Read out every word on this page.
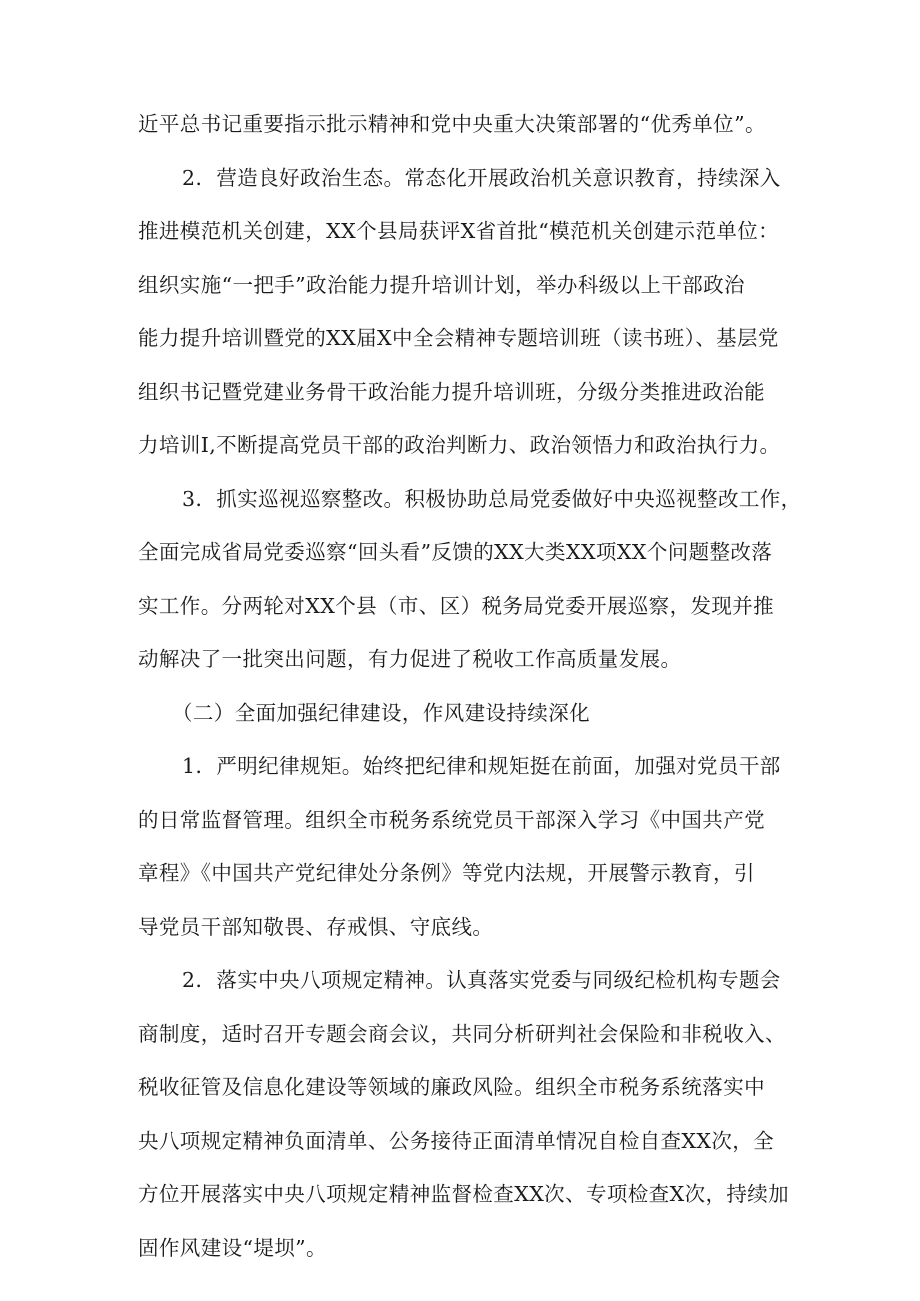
近平总书记重要指示批示精神和党中央重大决策部署的“优秀单位”。
2．营造良好政治生态。常态化开展政治机关意识教育，持续深入
推进模范机关创建，XX个县局获评X省首批“模范机关创建示范单位：
组织实施“一把手”政治能力提升培训计划，举办科级以上干部政治
能力提升培训暨党的XX届X中全会精神专题培训班（读书班）、基层党
组织书记暨党建业务骨干政治能力提升培训班，分级分类推进政治能
力培训I,不断提高党员干部的政治判断力、政治领悟力和政治执行力。
3．抓实巡视巡察整改。积极协助总局党委做好中央巡视整改工作，
全面完成省局党委巡察“回头看”反馈的XX大类XX项XX个问题整改落
实工作。分两轮对XX个县（市、区）税务局党委开展巡察，发现并推
动解决了一批突出问题，有力促进了税收工作高质量发展。
（二）全面加强纪律建设，作风建设持续深化
1．严明纪律规矩。始终把纪律和规矩挺在前面，加强对党员干部
的日常监督管理。组织全市税务系统党员干部深入学习《中国共产党
章程》《中国共产党纪律处分条例》等党内法规，开展警示教育，引
导党员干部知敬畏、存戒惧、守底线。
2．落实中央八项规定精神。认真落实党委与同级纪检机构专题会
商制度，适时召开专题会商会议，共同分析研判社会保险和非税收入、
税收征管及信息化建设等领域的廉政风险。组织全市税务系统落实中
央八项规定精神负面清单、公务接待正面清单情况自检自查XX次，全
方位开展落实中央八项规定精神监督检查XX次、专项检查X次，持续加
固作风建设“堤坝”。
